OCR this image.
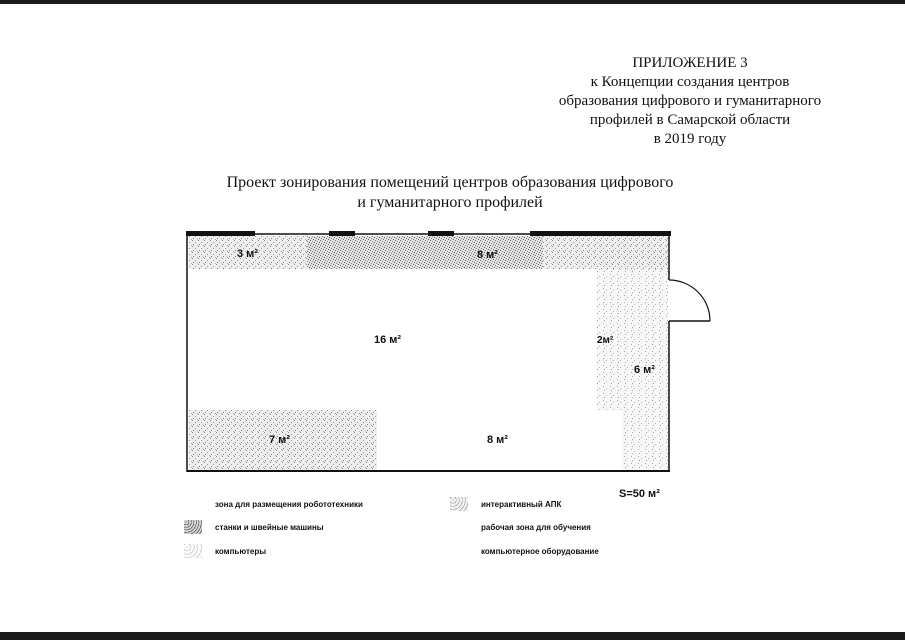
ПРИЛОЖЕНИЕ 3
к Концепции создания центров
образования цифрового и гуманитарного
профилей в Самарской области
в 2019 году
Проект зонирования помещений центров образования цифрового
и гуманитарного профилей
3 м²	8 м²
16 м²	2м²
6 м²
7 м²	8 м²
S=50 м²
зона для размещения робототехники	интерактивный АПК
станки и швейные машины	рабочая зона для обучения
компьютеры	компьютерное оборудование
